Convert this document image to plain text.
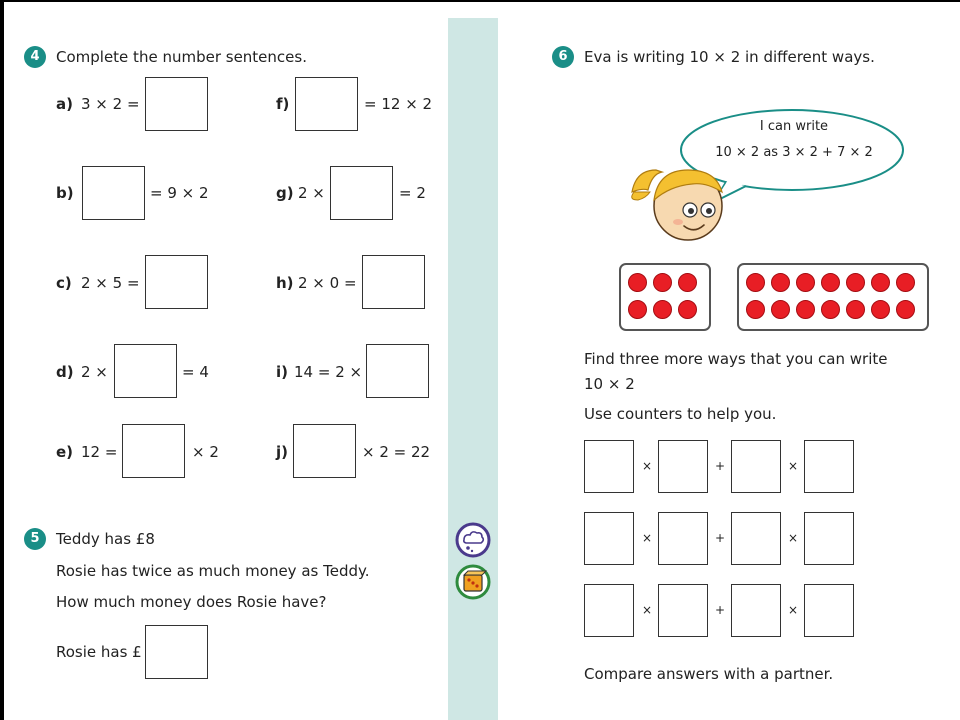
4	Complete the number sentences.
a) 3 × 2 =
b)	= 9 × 2
c) 2 × 5 =
d) 2 ×	= 4
e) 12 =	× 2
f)	= 12 × 2
g) 2 ×	= 2
h) 2 × 0 =
i) 14 = 2 ×
j)	× 2 = 22
5	Teddy has £8
Rosie has twice as much money as Teddy.
How much money does Rosie have?
Rosie has £
6	Eva is writing 10 × 2 in different ways.
I can write
10 × 2 as 3 × 2 + 7 × 2
Find three more ways that you can write
10 × 2
Use counters to help you.
×	+	×
×	+	×
×	+	×
Compare answers with a partner.
